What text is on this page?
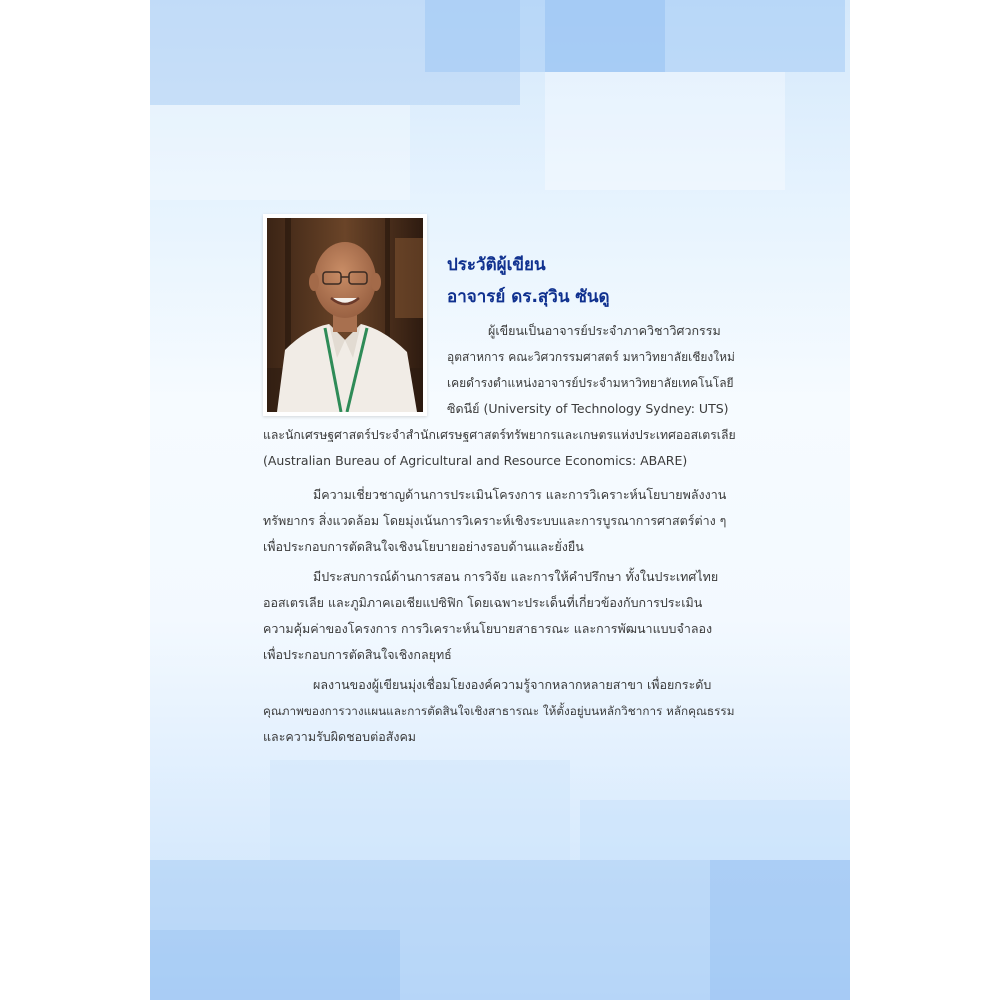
ประวัติผู้เขียน
อาจารย์ ดร.สุวิน ซันดู

ผู้เขียนเป็นอาจารย์ประจำภาควิชาวิศวกรรม

อุตสาหการ คณะวิศวกรรมศาสตร์ มหาวิทยาลัยเชียงใหม่

เคยดำรงตำแหน่งอาจารย์ประจำมหาวิทยาลัยเทคโนโลยี

ซิดนีย์ (University of Technology Sydney: UTS)

และนักเศรษฐศาสตร์ประจำสำนักเศรษฐศาสตร์ทรัพยากรและเกษตรแห่งประเทศออสเตรเลีย

(Australian Bureau of Agricultural and Resource Economics: ABARE)

มีความเชี่ยวชาญด้านการประเมินโครงการ และการวิเคราะห์นโยบายพลังงาน

ทรัพยากร สิ่งแวดล้อม โดยมุ่งเน้นการวิเคราะห์เชิงระบบและการบูรณาการศาสตร์ต่าง ๆ

เพื่อประกอบการตัดสินใจเชิงนโยบายอย่างรอบด้านและยั่งยืน

มีประสบการณ์ด้านการสอน การวิจัย และการให้คำปรึกษา ทั้งในประเทศไทย

ออสเตรเลีย และภูมิภาคเอเชียแปซิฟิก โดยเฉพาะประเด็นที่เกี่ยวข้องกับการประเมิน

ความคุ้มค่าของโครงการ การวิเคราะห์นโยบายสาธารณะ และการพัฒนาแบบจำลอง

เพื่อประกอบการตัดสินใจเชิงกลยุทธ์

ผลงานของผู้เขียนมุ่งเชื่อมโยงองค์ความรู้จากหลากหลายสาขา เพื่อยกระดับ

คุณภาพของการวางแผนและการตัดสินใจเชิงสาธารณะ ให้ตั้งอยู่บนหลักวิชาการ หลักคุณธรรม

และความรับผิดชอบต่อสังคม
